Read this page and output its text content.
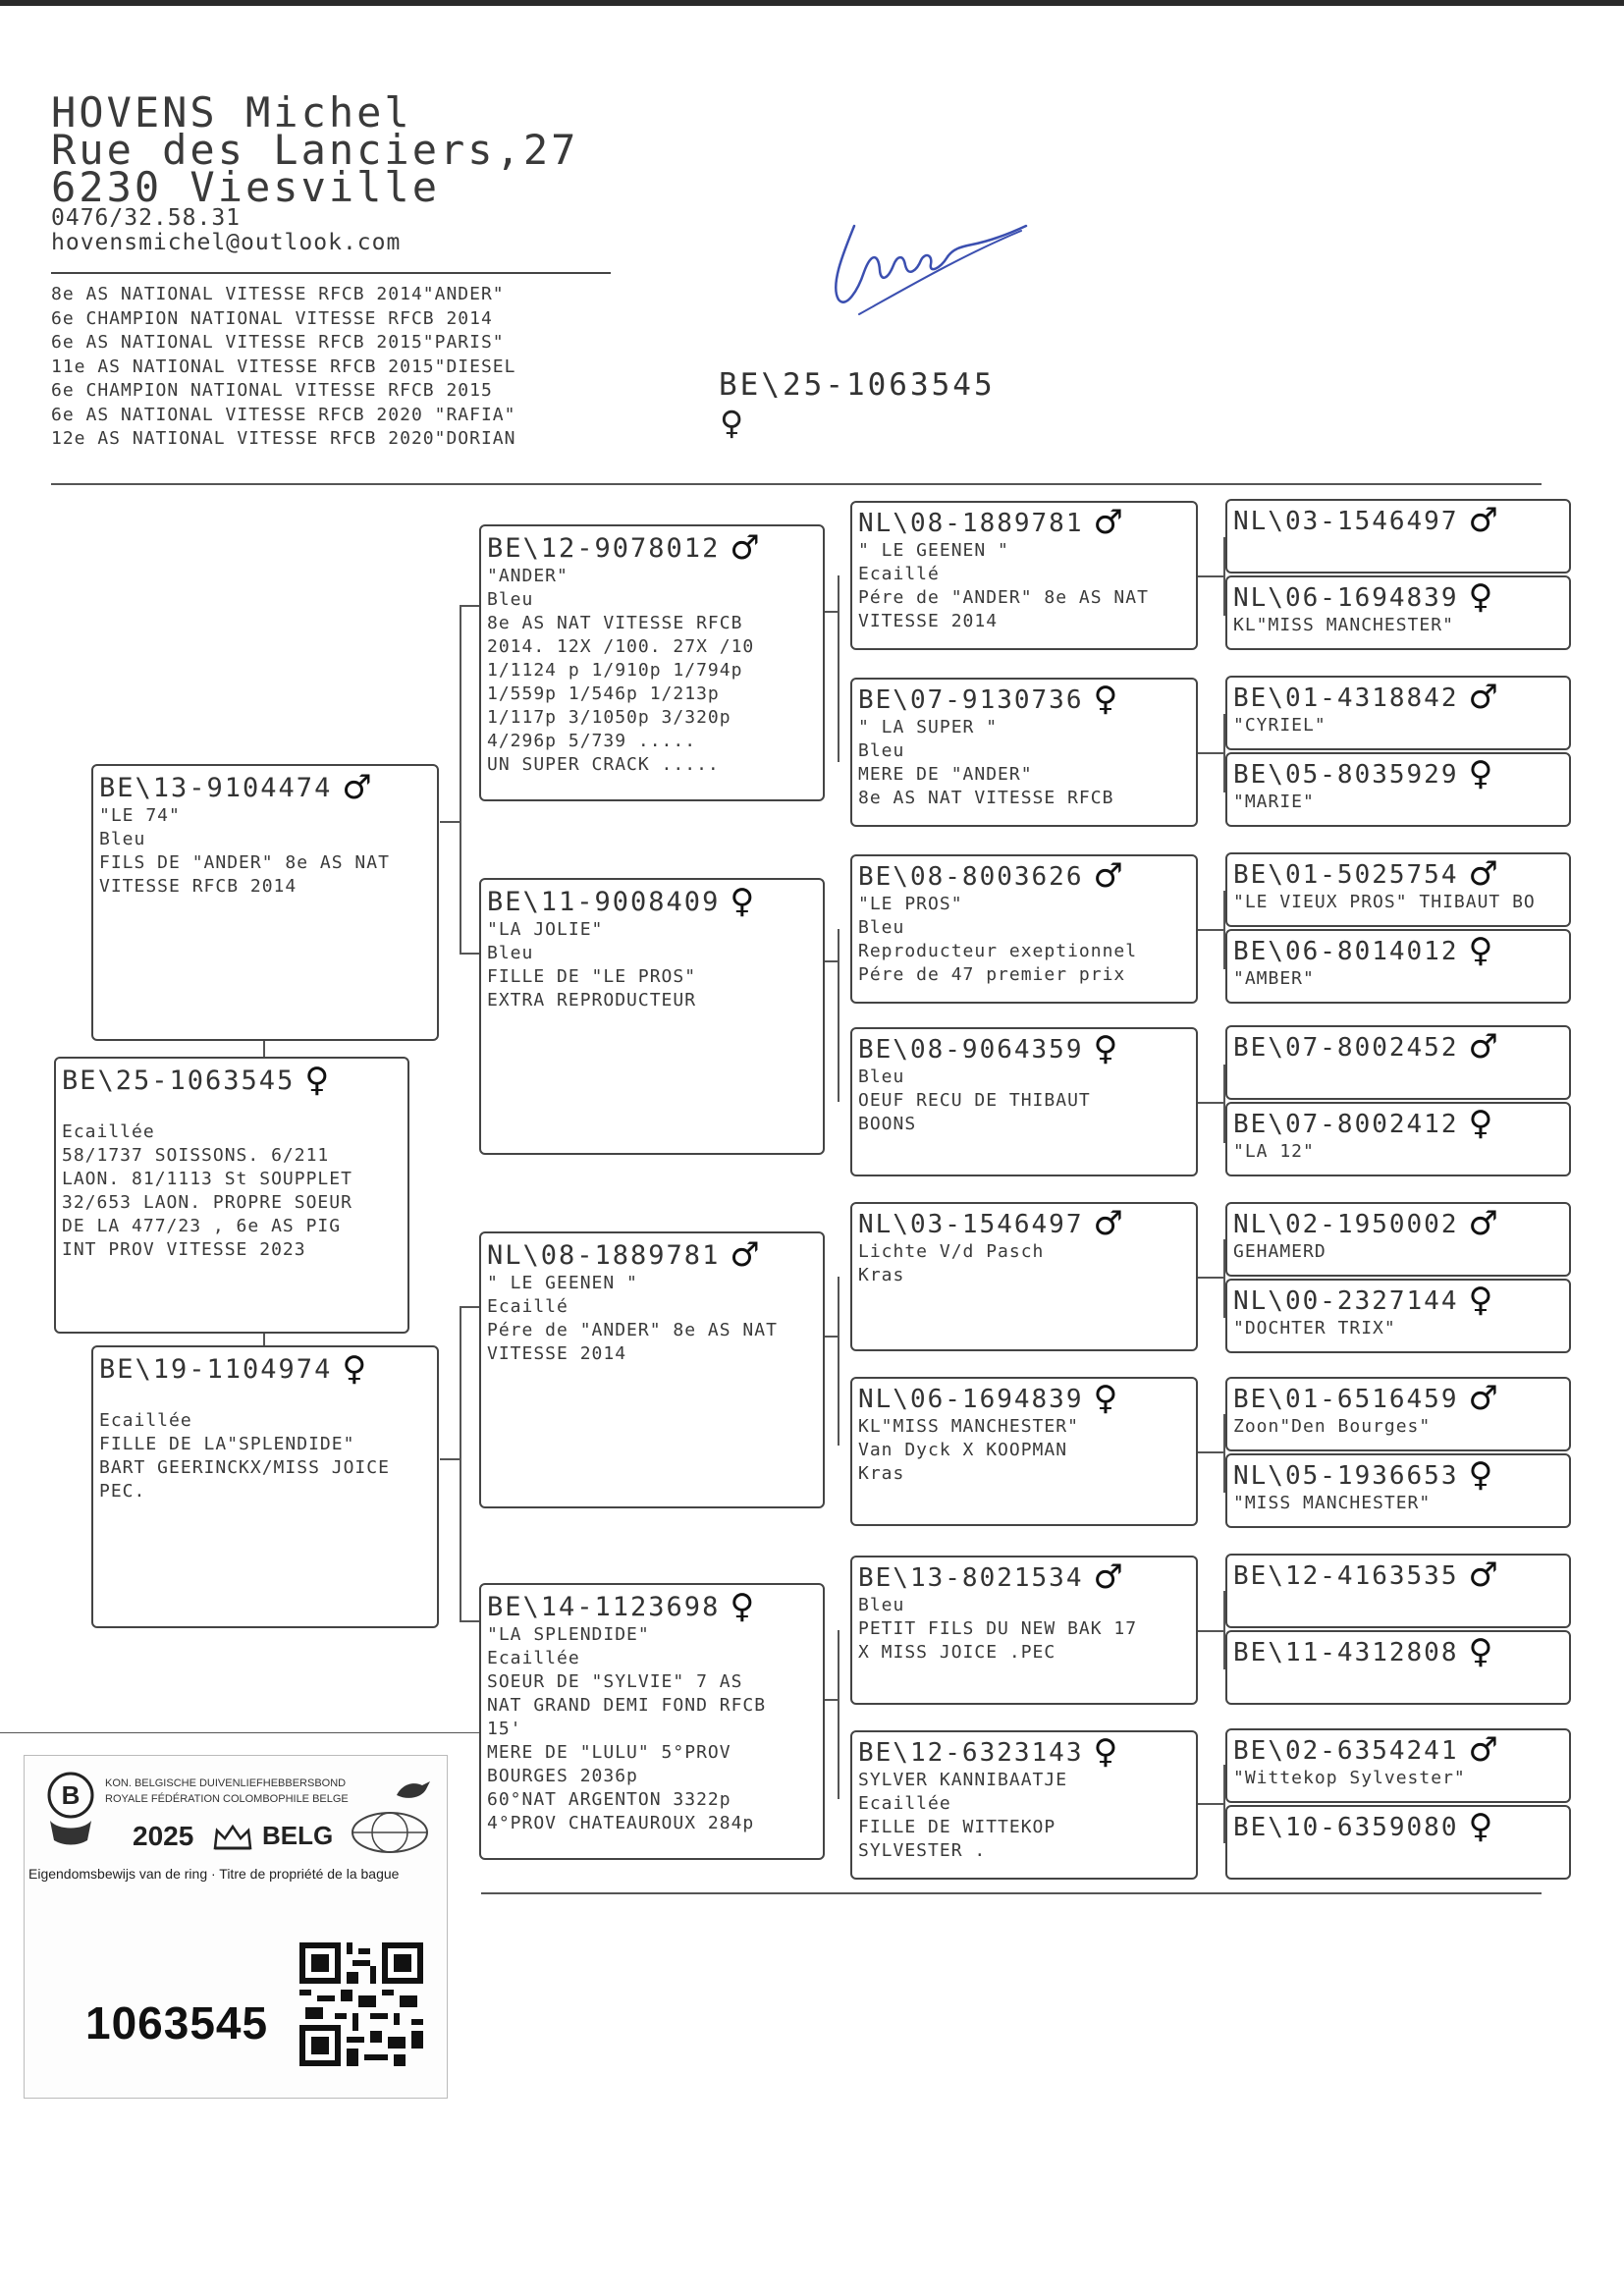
HOVENS Michel
Rue des Lanciers,27
6230 Viesville
0476/32.58.31
hovensmichel@outlook.com
8e AS NATIONAL VITESSE RFCB 2014"ANDER"
6e CHAMPION NATIONAL VITESSE RFCB 2014
6e AS NATIONAL VITESSE RFCB 2015"PARIS"
11e AS NATIONAL VITESSE RFCB 2015"DIESEL
6e CHAMPION NATIONAL VITESSE RFCB 2015
6e AS NATIONAL VITESSE RFCB 2020 "RAFIA"
12e AS NATIONAL VITESSE RFCB 2020"DORIAN
BE\25-1063545
♀
BE\13-9104474 ♂
"LE 74"
Bleu
FILS DE "ANDER" 8e AS NAT
VITESSE RFCB 2014
BE\25-1063545 ♀
Ecaillée
58/1737 SOISSONS. 6/211
LAON. 81/1113 St SOUPPLET
32/653 LAON. PROPRE SOEUR
DE LA 477/23 , 6e AS PIG
INT PROV VITESSE 2023
BE\19-1104974 ♀
Ecaillée
FILLE DE LA"SPLENDIDE"
BART GEERINCKX/MISS JOICE
PEC.
BE\12-9078012 ♂
"ANDER"
Bleu
8e AS NAT VITESSE RFCB
2014. 12X /100. 27X /10
1/1124 p 1/910p 1/794p
1/559p 1/546p 1/213p
1/117p 3/1050p 3/320p
4/296p 5/739 .....
UN SUPER CRACK .....
BE\11-9008409 ♀
"LA JOLIE"
Bleu
FILLE DE "LE PROS"
EXTRA REPRODUCTEUR
NL\08-1889781 ♂
" LE GEENEN "
Ecaillé
Pére de "ANDER" 8e AS NAT
VITESSE 2014
BE\14-1123698 ♀
"LA SPLENDIDE"
Ecaillée
SOEUR DE "SYLVIE" 7 AS
NAT GRAND DEMI FOND RFCB
15'
MERE DE "LULU" 5°PROV
BOURGES 2036p
60°NAT ARGENTON 3322p
4°PROV CHATEAUROUX 284p
NL\08-1889781 ♂
" LE GEENEN "
Ecaillé
Pére de "ANDER" 8e AS NAT
VITESSE 2014
BE\07-9130736 ♀
" LA SUPER "
Bleu
MERE DE "ANDER"
8e AS NAT VITESSE RFCB
BE\08-8003626 ♂
"LE PROS"
Bleu
Reproducteur exeptionnel
Pére de 47 premier prix
BE\08-9064359 ♀
Bleu
OEUF RECU DE THIBAUT
BOONS
NL\03-1546497 ♂
Lichte V/d Pasch
Kras
NL\06-1694839 ♀
KL"MISS MANCHESTER"
Van Dyck X KOOPMAN
Kras
BE\13-8021534 ♂
Bleu
PETIT FILS DU NEW BAK 17
X MISS JOICE .PEC
BE\12-6323143 ♀
SYLVER KANNIBAATJE
Ecaillée
FILLE DE WITTEKOP
SYLVESTER .
NL\03-1546497 ♂
NL\06-1694839 ♀
KL"MISS MANCHESTER"
BE\01-4318842 ♂
"CYRIEL"
BE\05-8035929 ♀
"MARIE"
BE\01-5025754 ♂
"LE VIEUX PROS" THIBAUT BO
BE\06-8014012 ♀
"AMBER"
BE\07-8002452 ♂
BE\07-8002412 ♀
"LA 12"
NL\02-1950002 ♂
GEHAMERD
NL\00-2327144 ♀
"DOCHTER TRIX"
BE\01-6516459 ♂
Zoon"Den Bourges"
NL\05-1936653 ♀
"MISS MANCHESTER"
BE\12-4163535 ♂
BE\11-4312808 ♀
BE\02-6354241 ♂
"Wittekop Sylvester"
BE\10-6359080 ♀
B KON. BELGISCHE DUIVENLIEFHEBBERSBOND
ROYALE FÉDÉRATION COLOMBOPHILE BELGE
2025	BELG
Eigendomsbewijs van de ring · Titre de propriété de la bague
1063545
